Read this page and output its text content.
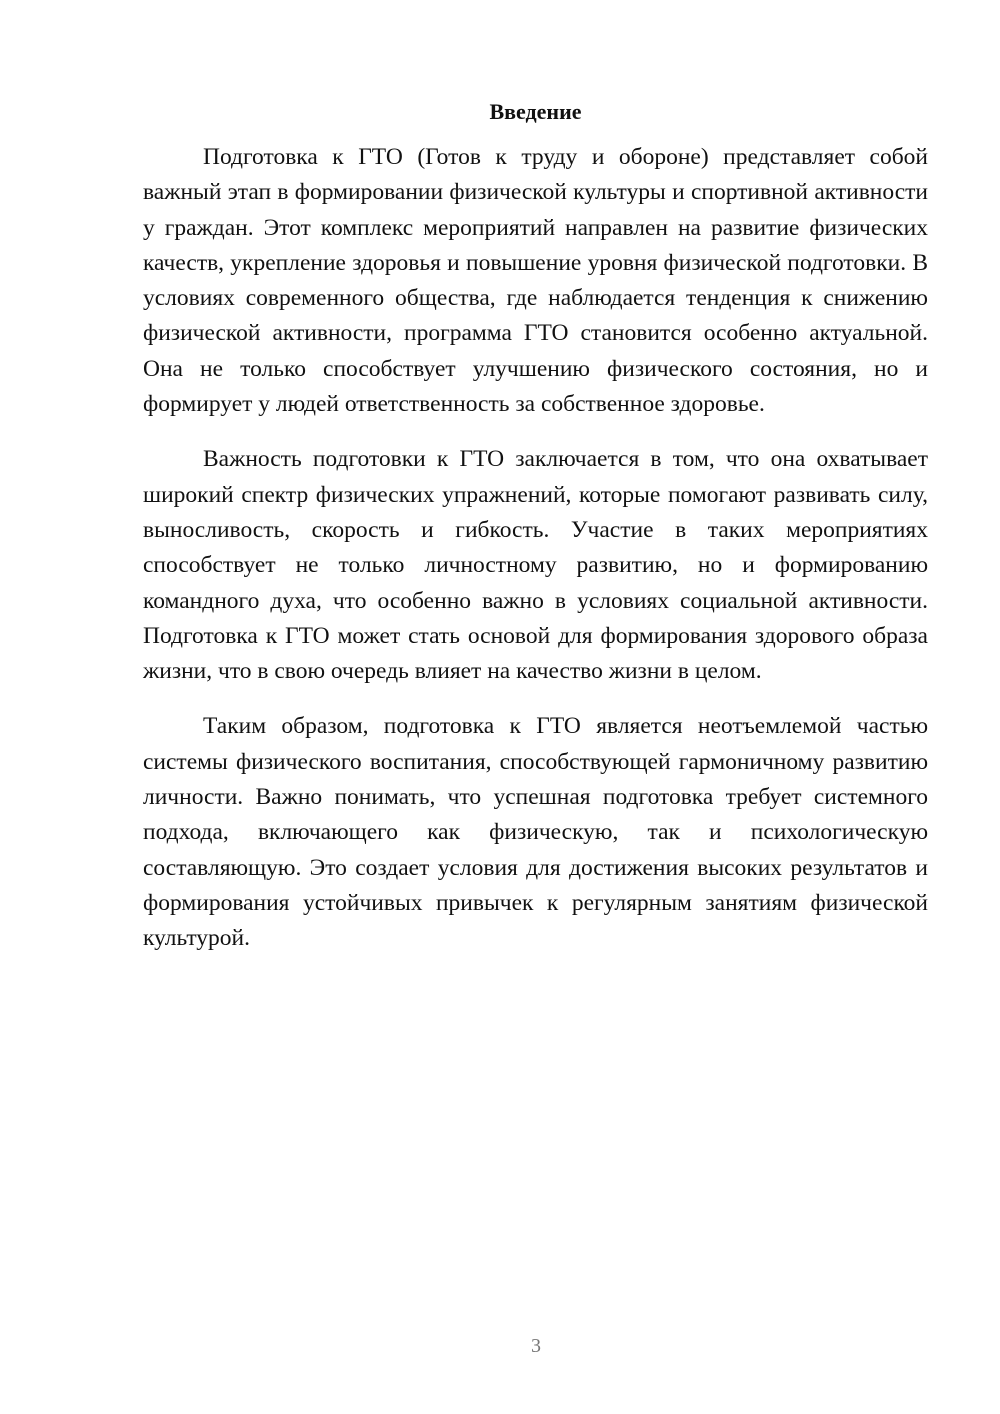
Введение

Подготовка к ГТО (Готов к труду и обороне) представляет собой важный этап в формировании физической культуры и спортивной активности у граждан. Этот комплекс мероприятий направлен на развитие физических качеств, укрепление здоровья и повышение уровня физической подготовки. В условиях современного общества, где наблюдается тенденция к снижению физической активности, программа ГТО становится особенно актуальной. Она не только способствует улучшению физического состояния, но и формирует у людей ответственность за собственное здоровье.

Важность подготовки к ГТО заключается в том, что она охватывает широкий спектр физических упражнений, которые помогают развивать силу, выносливость, скорость и гибкость. Участие в таких мероприятиях способствует не только личностному развитию, но и формированию командного духа, что особенно важно в условиях социальной активности. Подготовка к ГТО может стать основой для формирования здорового образа жизни, что в свою очередь влияет на качество жизни в целом.

Таким образом, подготовка к ГТО является неотъемлемой частью системы физического воспитания, способствующей гармоничному развитию личности. Важно понимать, что успешная подготовка требует системного подхода, включающего как физическую, так и психологическую составляющую. Это создает условия для достижения высоких результатов и формирования устойчивых привычек к регулярным занятиям физической культурой.

3
